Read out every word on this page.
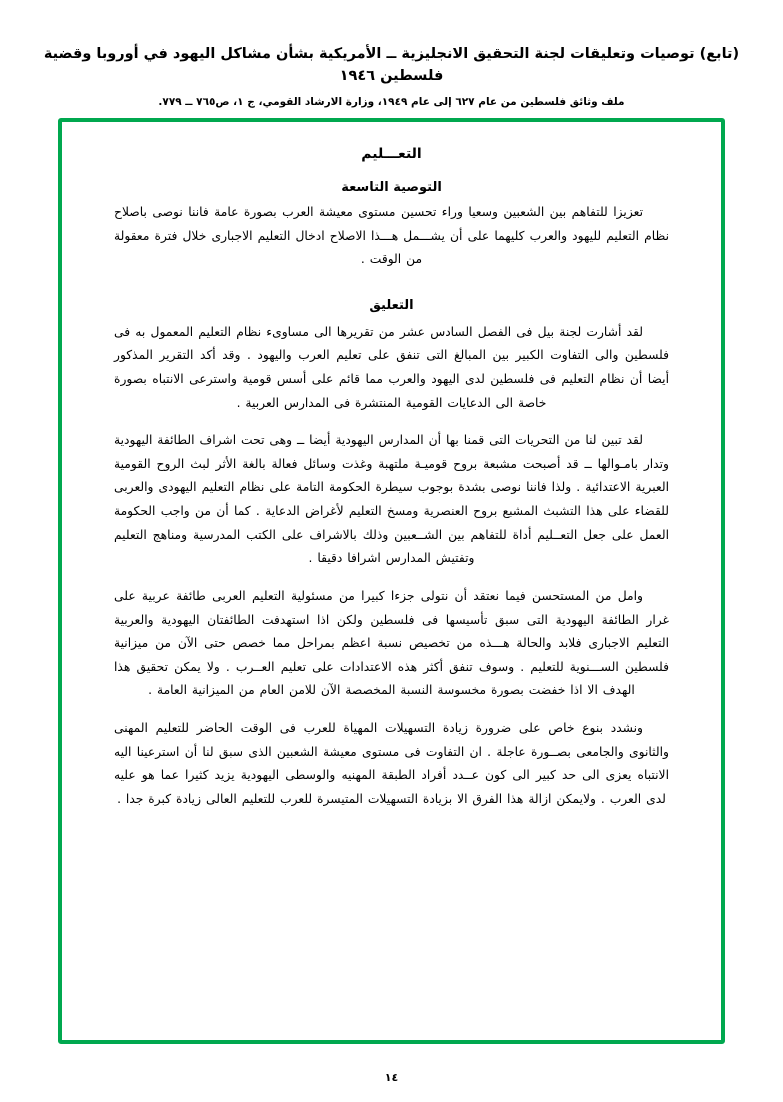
(تابع) توصيات وتعليقات لجنة التحقيق الانجليزية ــ الأمريكية بشأن مشاكل اليهود في أوروبا وقضية فلسطين ١٩٤٦
ملف وثائق فلسطين من عام ٦٢٧ إلى عام ١٩٤٩، وزارة الارشاد القومي، ج ١، ص٧٦٥ ــ ٧٧٩.
التعـــليم
التوصية التاسعة

تعزيزا للتفاهم بين الشعبين وسعيا وراء تحسين مستوى معيشة العرب بصورة عامة فاننا نوصى باصلاح نظام التعليم لليهود والعرب كليهما على أن يشـــمل هـــذا الاصلاح ادخال التعليم الاجبارى خلال فترة معقولة من الوقت .

التعليق

لقد أشارت لجنة بيل فى الفصل السادس عشر من تقريرها الى مساوىء نظام التعليم المعمول به فى فلسطين والى التفاوت الكبير بين المبالغ التى تنفق على تعليم العرب واليهود . وقد أكد التقرير المذكور أيضا أن نظام التعليم فى فلسطين لدى اليهود والعرب مما قائم على أسس قومية واسترعى الانتباه بصورة خاصة الى الدعايات القومية المنتشرة فى المدارس العربية .

لقد تبين لنا من التحريات التى قمنا بها أن المدارس اليهودية أيضا ــ وهى تحت اشراف الطائفة اليهودية وتدار بامـوالها ــ قد أصبحت مشبعة بروح قوميـة ملتهبة وغذت وسائل فعالة بالغة الأثر لبث الروح القومية العبرية الاعتدائية . ولذا فاننا نوصى بشدة بوجوب سيطرة الحكومة التامة على نظام التعليم اليهودى والعربى للقضاء على هذا التشبث المشبع بروح العنصرية ومسخ التعليم لأغراض الدعاية . كما أن من واجب الحكومة العمل على جعل التعــليم أداة للتفاهم بين الشــعبين وذلك بالاشراف على الكتب المدرسية ومناهج التعليم وتفتيش المدارس اشرافا دقيقا .

وامل من المستحسن فيما نعتقد أن نتولى جزءا كبيرا من مسئولية التعليم العربى طائفة عربية على غرار الطائفة اليهودية التى سبق تأسيسها فى فلسطين ولكن اذا استهدفت الطائفتان اليهودية والعربية التعليم الاجبارى فلابد والحالة هـــذه من تخصيص نسبة اعظم بمراحل مما خصص حتى الآن من ميزانية فلسطين الســـنوية للتعليم . وسوف تنفق أكثر هذه الاعتدادات على تعليم العــرب . ولا يمكن تحقيق هذا الهدف الا اذا خفضت بصورة مخسوسة النسبة المخصصة الآن للامن العام من الميزانية العامة .

ونشدد بنوع خاص على ضرورة زيادة التسهيلات المهياة للعرب فى الوقت الحاضر للتعليم المهنى والثانوى والجامعى بصــورة عاجلة . ان التفاوت فى مستوى معيشة الشعبين الذى سبق لنا أن استرعينا اليه الانتباه يعزى الى حد كبير الى كون عــدد أفراد الطبقة المهنيه والوسطى اليهودية يزيد كثيرا عما هو عليه لدى العرب . ولايمكن ازالة هذا الفرق الا بزيادة التسهيلات المتيسرة للعرب للتعليم العالى زيادة كبرة جدا .

١٤
